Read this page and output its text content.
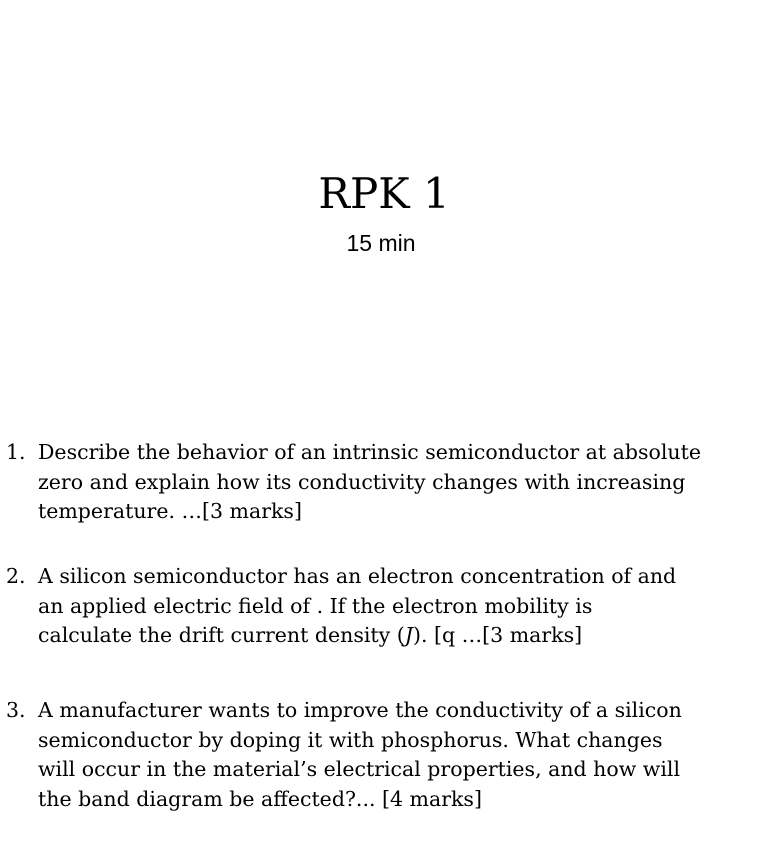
RPK 1
15 min
1. Describe the behavior of an intrinsic semiconductor at absolute
zero and explain how its conductivity changes with increasing
temperature. …[3 marks]
2. A silicon semiconductor has an electron concentration of and
an applied electric field of . If the electron mobility is
calculate the drift current density (J). [q …[3 marks]
3. A manufacturer wants to improve the conductivity of a silicon
semiconductor by doping it with phosphorus. What changes
will occur in the material’s electrical properties, and how will
the band diagram be affected?... [4 marks]
